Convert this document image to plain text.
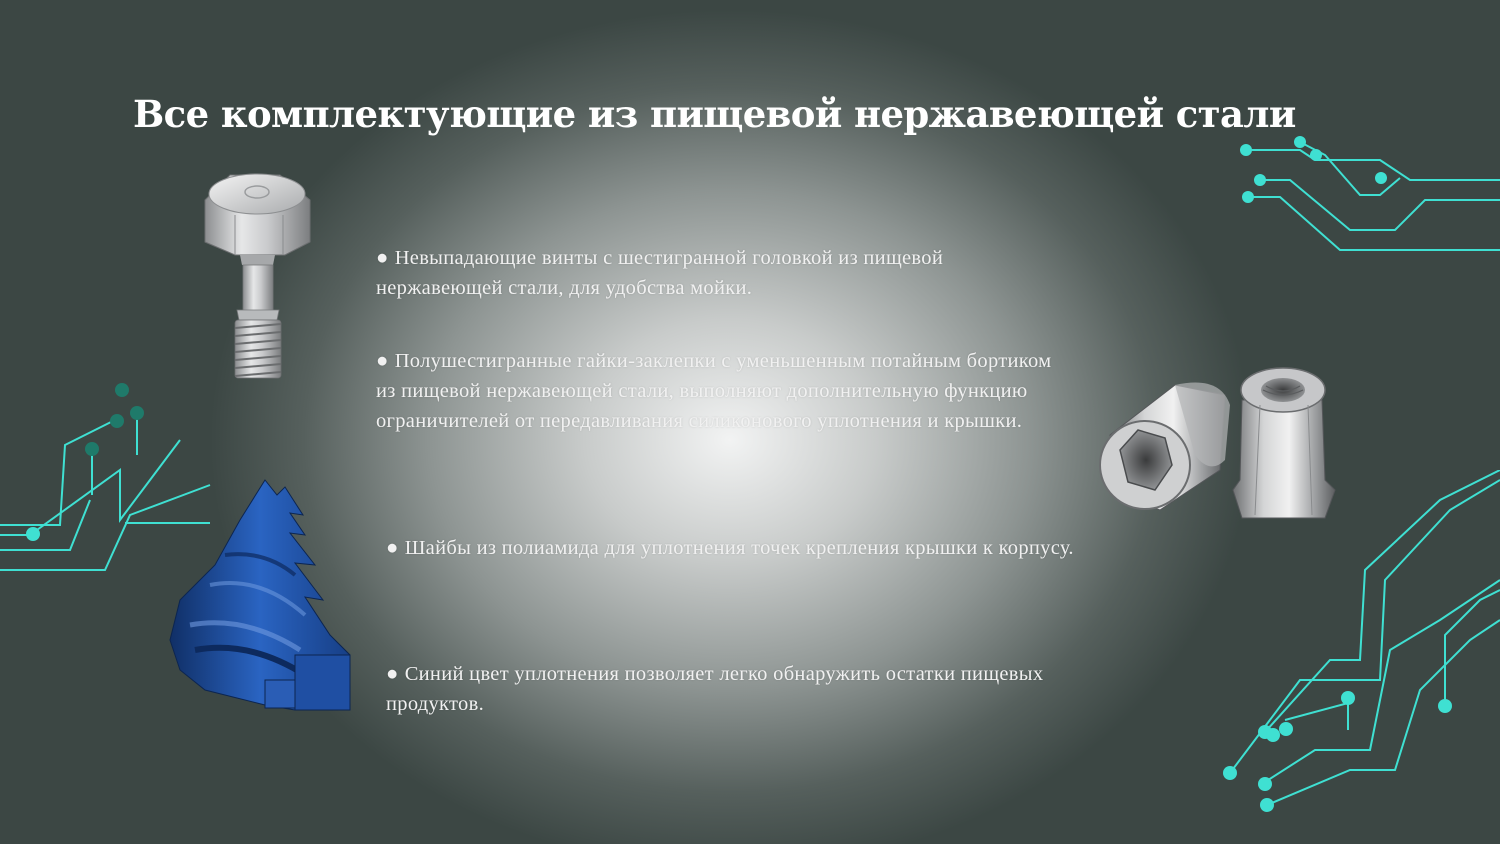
Все комплектующие из пищевой нержавеющей стали
● Невыпадающие винты с шестигранной головкой из пищевой нержавеющей стали, для удобства мойки.
● Полушестигранные гайки-заклепки с уменьшенным потайным бортиком из пищевой нержавеющей стали, выполняют дополнительную функцию ограничителей от передавливания силиконового уплотнения и крышки.
● Шайбы из полиамида для уплотнения точек крепления крышки к корпусу.
● Синий цвет уплотнения позволяет легко обнаружить остатки пищевых продуктов.
